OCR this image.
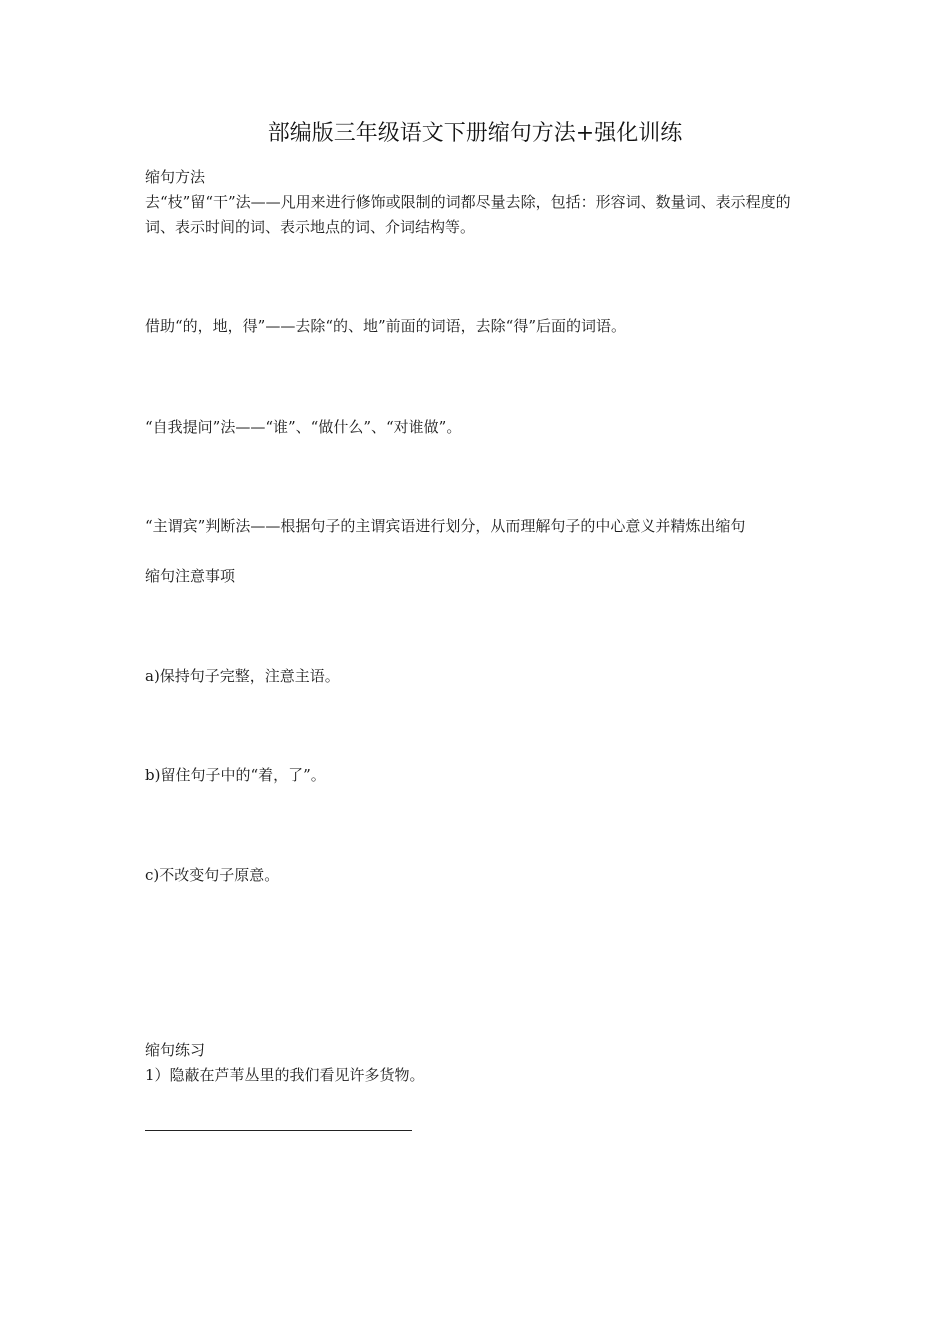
部编版三年级语文下册缩句方法+强化训练
缩句方法
去“枝”留“干”法——凡用来进行修饰或限制的词都尽量去除，包括：形容词、数量词、表示程度的词、表示时间的词、表示地点的词、介词结构等。
借助“的，地，得”——去除“的、地”前面的词语，去除“得”后面的词语。
“自我提问”法——“谁”、“做什么”、“对谁做”。
“主谓宾”判断法——根据句子的主谓宾语进行划分，从而理解句子的中心意义并精炼出缩句
缩句注意事项
a)保持句子完整，注意主语。
b)留住句子中的“着，了”。
c)不改变句子原意。
缩句练习
1）隐蔽在芦苇丛里的我们看见许多货物。
